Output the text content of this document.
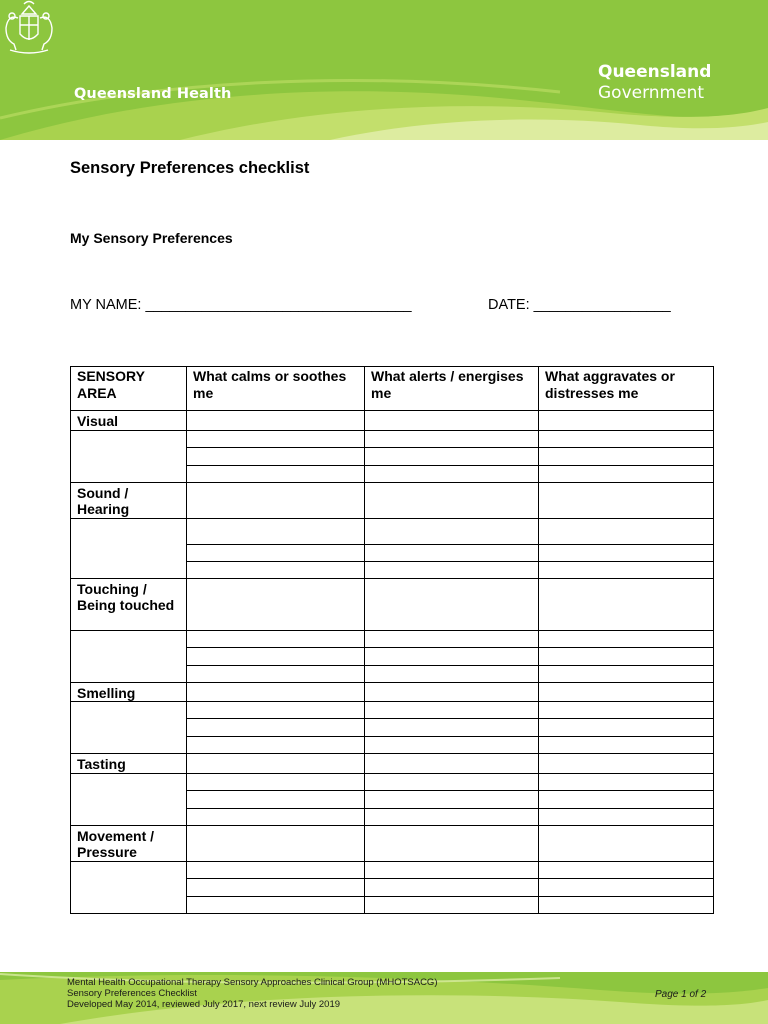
Queensland Health
Queensland
Government
Sensory Preferences checklist
My Sensory Preferences
MY NAME: _________________________________	DATE: _________________
SENSORY AREA	What calms or soothes me	What alerts / energises me	What aggravates or distresses me
Visual			

Sound / Hearing			

Touching / Being touched			

Smelling			

Tasting			

Movement / Pressure			

Mental Health Occupational Therapy Sensory Approaches Clinical Group (MHOTSACG)
Sensory Preferences Checklist
Developed May 2014, reviewed July 2017, next review July 2019
Page 1 of 2
